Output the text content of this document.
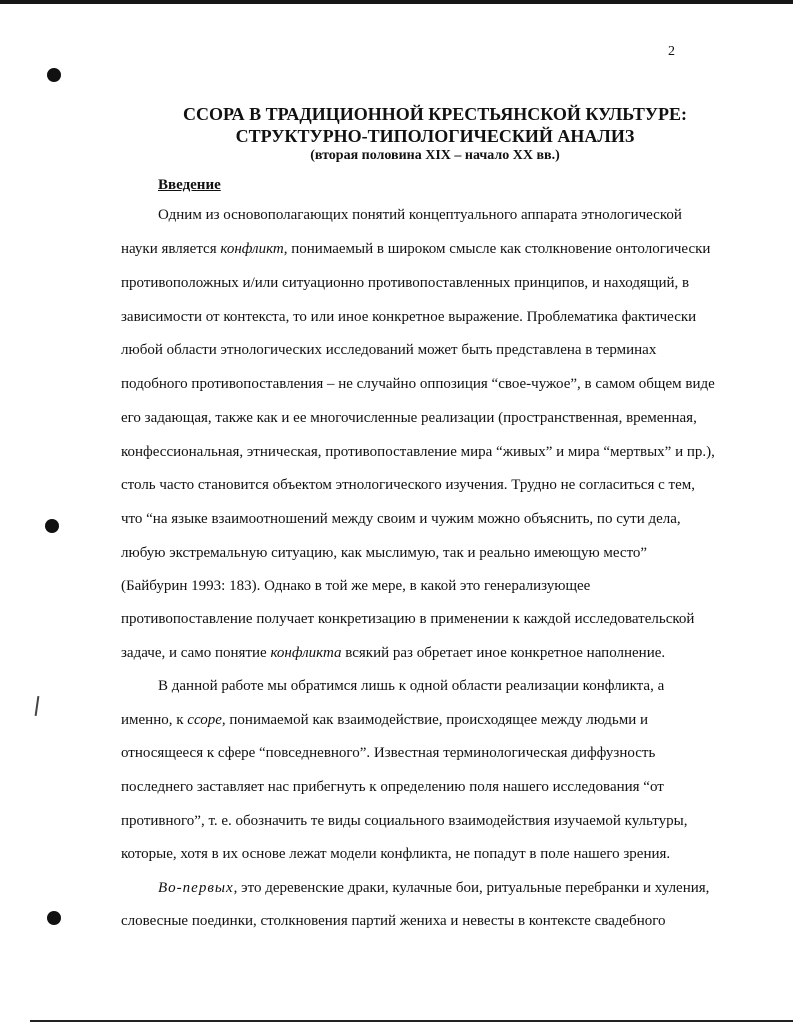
2
ССОРА В ТРАДИЦИОННОЙ КРЕСТЬЯНСКОЙ КУЛЬТУРЕ:
СТРУКТУРНО-ТИПОЛОГИЧЕСКИЙ АНАЛИЗ
(вторая половина XIX – начало XX вв.)
Введение
Одним из основополагающих понятий концептуального аппарата этнологической
науки является конфликт, понимаемый в широком смысле как столкновение онтологически
противоположных и/или ситуационно противопоставленных принципов, и находящий, в
зависимости от контекста, то или иное конкретное выражение. Проблематика фактически
любой области этнологических исследований может быть представлена в терминах
подобного противопоставления – не случайно оппозиция “свое-чужое”, в самом общем виде
его задающая, также как и ее многочисленные реализации (пространственная, временная,
конфессиональная, этническая, противопоставление мира “живых” и мира “мертвых” и пр.),
столь часто становится объектом этнологического изучения. Трудно не согласиться с тем,
что “на языке взаимоотношений между своим и чужим можно объяснить, по сути дела,
любую экстремальную ситуацию, как мыслимую, так и реально имеющую место”
(Байбурин 1993: 183). Однако в той же мере, в какой это генерализующее
противопоставление получает конкретизацию в применении к каждой исследовательской
задаче, и само понятие конфликта всякий раз обретает иное конкретное наполнение.
В данной работе мы обратимся лишь к одной области реализации конфликта, а
именно, к ссоре, понимаемой как взаимодействие, происходящее между людьми и
относящееся к сфере “повседневного”. Известная терминологическая диффузность
последнего заставляет нас прибегнуть к определению поля нашего исследования “от
противного”, т. е. обозначить те виды социального взаимодействия изучаемой культуры,
которые, хотя в их основе лежат модели конфликта, не попадут в поле нашего зрения.
Во-первых, это деревенские драки, кулачные бои, ритуальные перебранки и хуления,
словесные поединки, столкновения партий жениха и невесты в контексте свадебного
